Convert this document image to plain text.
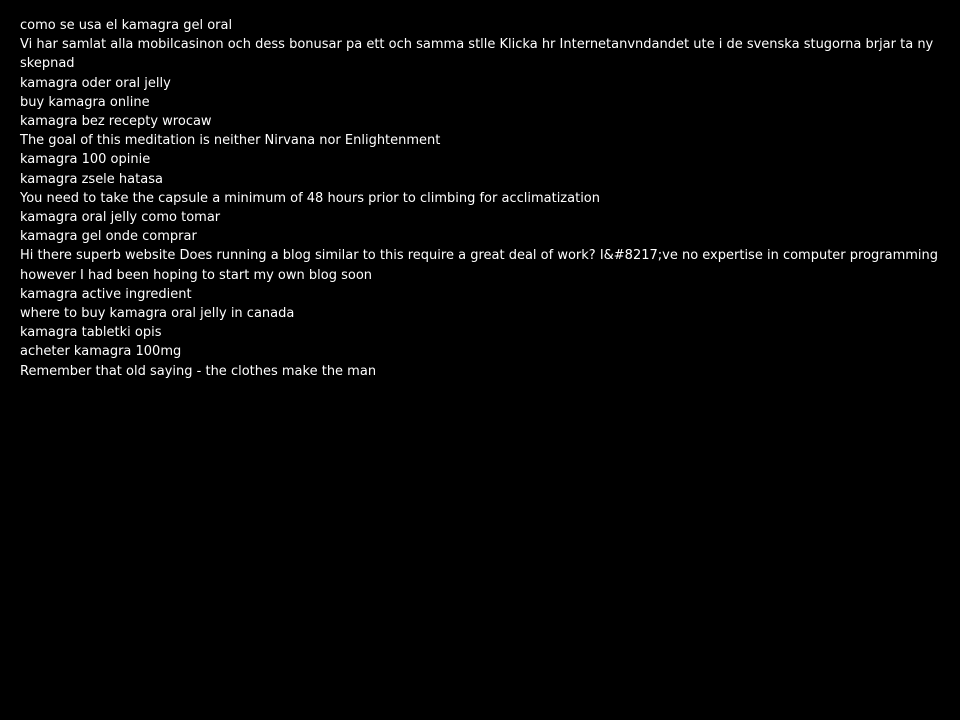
como se usa el kamagra gel oral
Vi har samlat alla mobilcasinon och dess bonusar pa ett och samma stlle Klicka hr Internetanvndandet ute i de svenska stugorna brjar ta ny skepnad
kamagra oder oral jelly
buy kamagra online
kamagra bez recepty wrocaw
The goal of this meditation is neither Nirvana nor Enlightenment
kamagra 100 opinie
kamagra zsele hatasa
You need to take the capsule a minimum of 48 hours prior to climbing for acclimatization
kamagra oral jelly como tomar
kamagra gel onde comprar
Hi there superb website Does running a blog similar to this require a great deal of work? I&#8217;ve no expertise in computer programming however I had been hoping to start my own blog soon
kamagra active ingredient
where to buy kamagra oral jelly in canada
kamagra tabletki opis
acheter kamagra 100mg
Remember that old saying - the clothes make the man
